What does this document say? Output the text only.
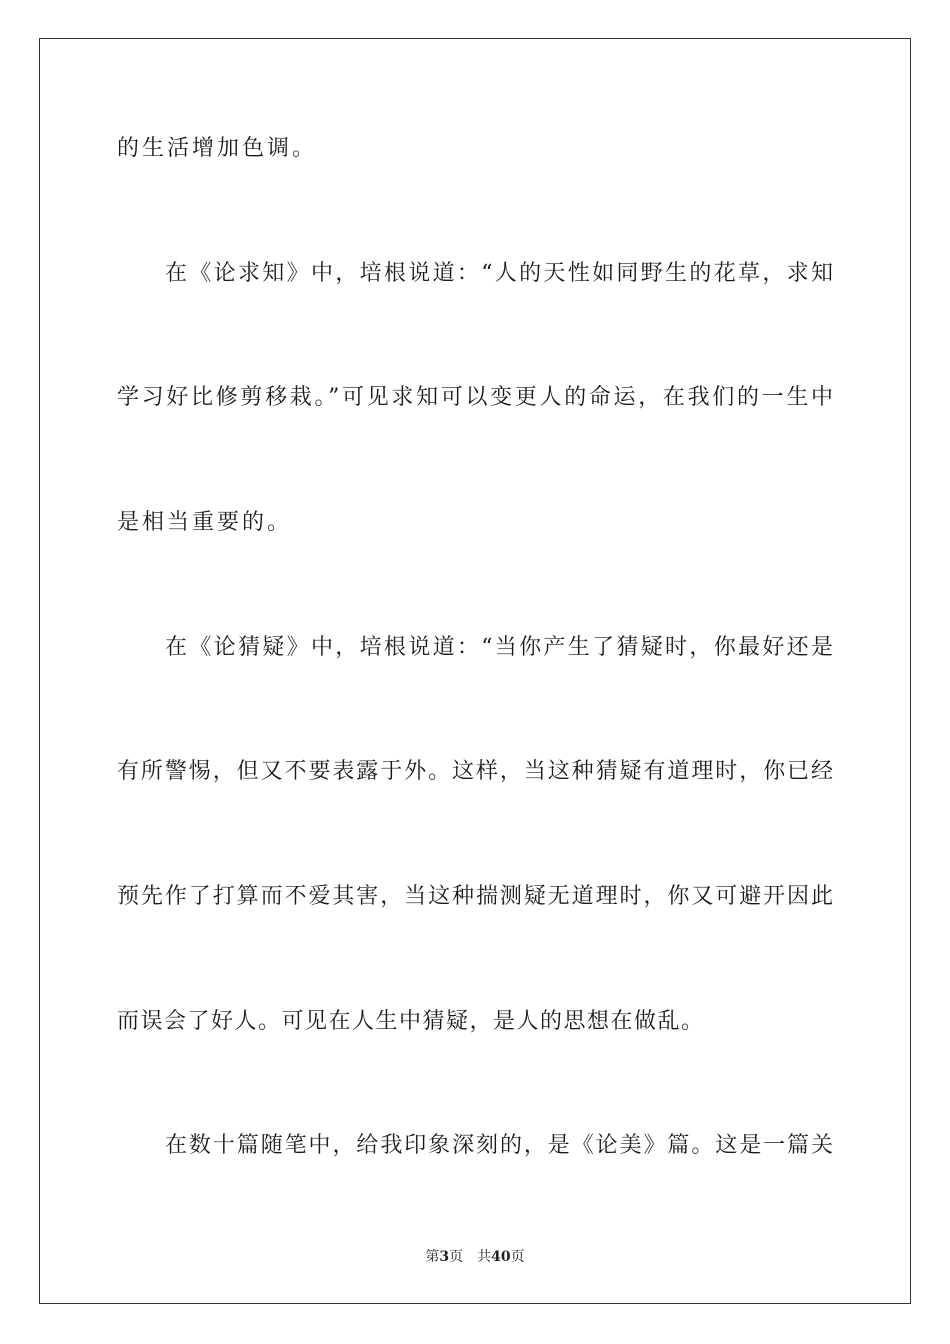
的生活增加色调。
在《论求知》中，培根说道：“人的天性如同野生的花草，求知
学习好比修剪移栽。”可见求知可以变更人的命运，在我们的一生中
是相当重要的。
在《论猜疑》中，培根说道：“当你产生了猜疑时，你最好还是
有所警惕，但又不要表露于外。这样，当这种猜疑有道理时，你已经
预先作了打算而不爱其害，当这种揣测疑无道理时，你又可避开因此
而误会了好人。可见在人生中猜疑，是人的思想在做乱。
在数十篇随笔中，给我印象深刻的，是《论美》篇。这是一篇关
第3页 共40页
